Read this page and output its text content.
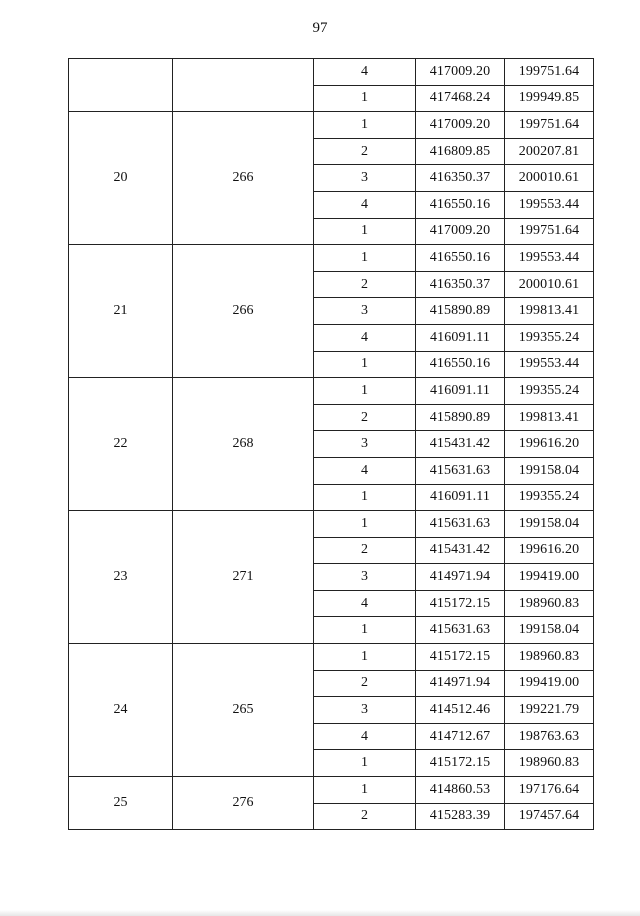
97
		4	417009.20	199751.64
		1	417468.24	199949.85
20	266	1	417009.20	199751.64
		2	416809.85	200207.81
		3	416350.37	200010.61
		4	416550.16	199553.44
		1	417009.20	199751.64
21	266	1	416550.16	199553.44
		2	416350.37	200010.61
		3	415890.89	199813.41
		4	416091.11	199355.24
		1	416550.16	199553.44
22	268	1	416091.11	199355.24
		2	415890.89	199813.41
		3	415431.42	199616.20
		4	415631.63	199158.04
		1	416091.11	199355.24
23	271	1	415631.63	199158.04
		2	415431.42	199616.20
		3	414971.94	199419.00
		4	415172.15	198960.83
		1	415631.63	199158.04
24	265	1	415172.15	198960.83
		2	414971.94	199419.00
		3	414512.46	199221.79
		4	414712.67	198763.63
		1	415172.15	198960.83
25	276	1	414860.53	197176.64
		2	415283.39	197457.64
